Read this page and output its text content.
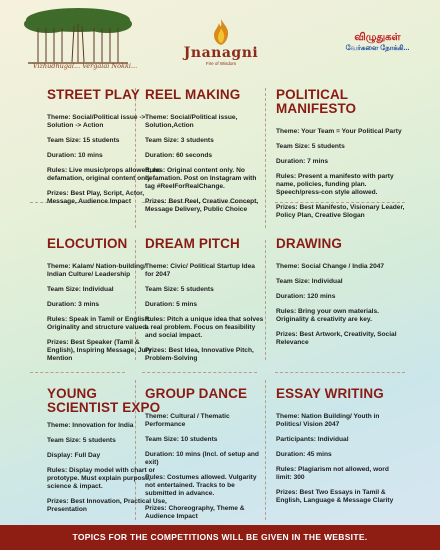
Vizhudhugal... Vergalai Nokki...
Jnanagni
Fire of Wisdom
விழுதுகள்
வேர்களை நோக்கி...
STREET PLAY
Theme: Social/Political issue -> Solution -> Action
Team Size: 15 students
Duration: 10 mins
Rules: Live music/props allowed, no defamation, original content only
Prizes: Best Play, Script, Actor, Message, Audience Impact
REEL MAKING
Theme: Social/Political issue, Solution,Action
Team Size: 3 students
Duration: 60 seconds
Rules: Original content only. No defamation. Post on Instagram with tag #ReelForRealChange.
Prizes: Best Reel, Creative Concept, Message Delivery, Public Choice
POLITICAL MANIFESTO
Theme: Your Team = Your Political Party
Team Size: 5 students
Duration: 7 mins
Rules: Present a manifesto with party name, policies, funding plan. Speech/press-con style allowed.
Prizes: Best Manifesto, Visionary Leader, Policy Plan, Creative Slogan
ELOCUTION
Theme: Kalam/ Nation-building/ Indian Culture/ Leadership
Team Size: Individual
Duration: 3 mins
Rules: Speak in Tamil or English. Originality and structure valued.
Prizes: Best Speaker (Tamil & English), Inspiring Message, Jury Mention
DREAM PITCH
Theme: Civic/ Political Startup Idea for 2047
Team Size: 5 students
Duration: 5 mins
Rules: Pitch a unique idea that solves a real problem. Focus on feasibility and social impact.
Prizes: Best Idea, Innovative Pitch, Problem-Solving
DRAWING
Theme: Social Change / India 2047
Team Size: Individual
Duration: 120 mins
Rules: Bring your own materials. Originality & creativity are key.
Prizes: Best Artwork, Creativity, Social Relevance
YOUNG SCIENTIST EXPO
Theme: Innovation for India
Team Size: 5 students
Display: Full Day
Rules: Display model with chart or prototype. Must explain purpose, science & impact.
Prizes: Best Innovation, Practical Use, Presentation
GROUP DANCE
Theme: Cultural / Thematic Performance
Team Size: 10 students
Duration: 10 mins (Incl. of setup and exit)
Rules: Costumes allowed. Vulgarity not entertained. Tracks to be submitted in advance.
Prizes: Choreography, Theme & Audience Impact
ESSAY WRITING
Theme: Nation Building/ Youth in Politics/ Vision 2047
Participants: Individual
Duration: 45 mins
Rules: Plagiarism not allowed, word limit: 300
Prizes: Best Two Essays in Tamil & English, Language & Message Clarity
TOPICS FOR THE COMPETITIONS WILL BE GIVEN IN THE WEBSITE.
